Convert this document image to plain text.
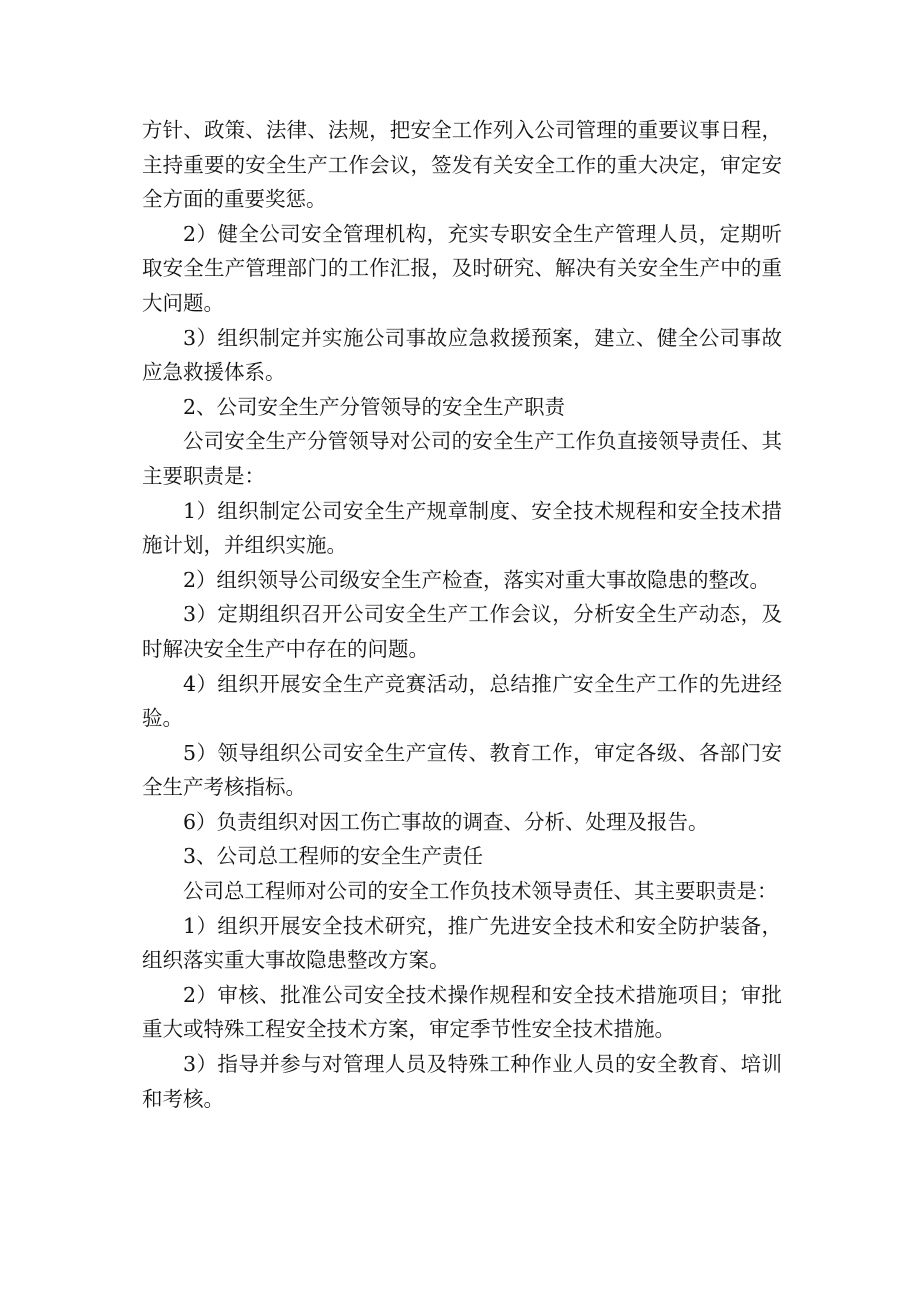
方针、政策、法律、法规，把安全工作列入公司管理的重要议事日程，主持重要的安全生产工作会议，签发有关安全工作的重大决定，审定安全方面的重要奖惩。

2）健全公司安全管理机构，充实专职安全生产管理人员，定期听取安全生产管理部门的工作汇报，及时研究、解决有关安全生产中的重大问题。

3）组织制定并实施公司事故应急救援预案，建立、健全公司事故应急救援体系。

2、公司安全生产分管领导的安全生产职责

公司安全生产分管领导对公司的安全生产工作负直接领导责任、其主要职责是：

1）组织制定公司安全生产规章制度、安全技术规程和安全技术措施计划，并组织实施。

2）组织领导公司级安全生产检查，落实对重大事故隐患的整改。

3）定期组织召开公司安全生产工作会议，分析安全生产动态，及时解决安全生产中存在的问题。

4）组织开展安全生产竞赛活动，总结推广安全生产工作的先进经验。

5）领导组织公司安全生产宣传、教育工作，审定各级、各部门安全生产考核指标。

6）负责组织对因工伤亡事故的调查、分析、处理及报告。

3、公司总工程师的安全生产责任

公司总工程师对公司的安全工作负技术领导责任、其主要职责是：

1）组织开展安全技术研究，推广先进安全技术和安全防护装备，组织落实重大事故隐患整改方案。

2）审核、批准公司安全技术操作规程和安全技术措施项目；审批重大或特殊工程安全技术方案，审定季节性安全技术措施。

3）指导并参与对管理人员及特殊工种作业人员的安全教育、培训和考核。
